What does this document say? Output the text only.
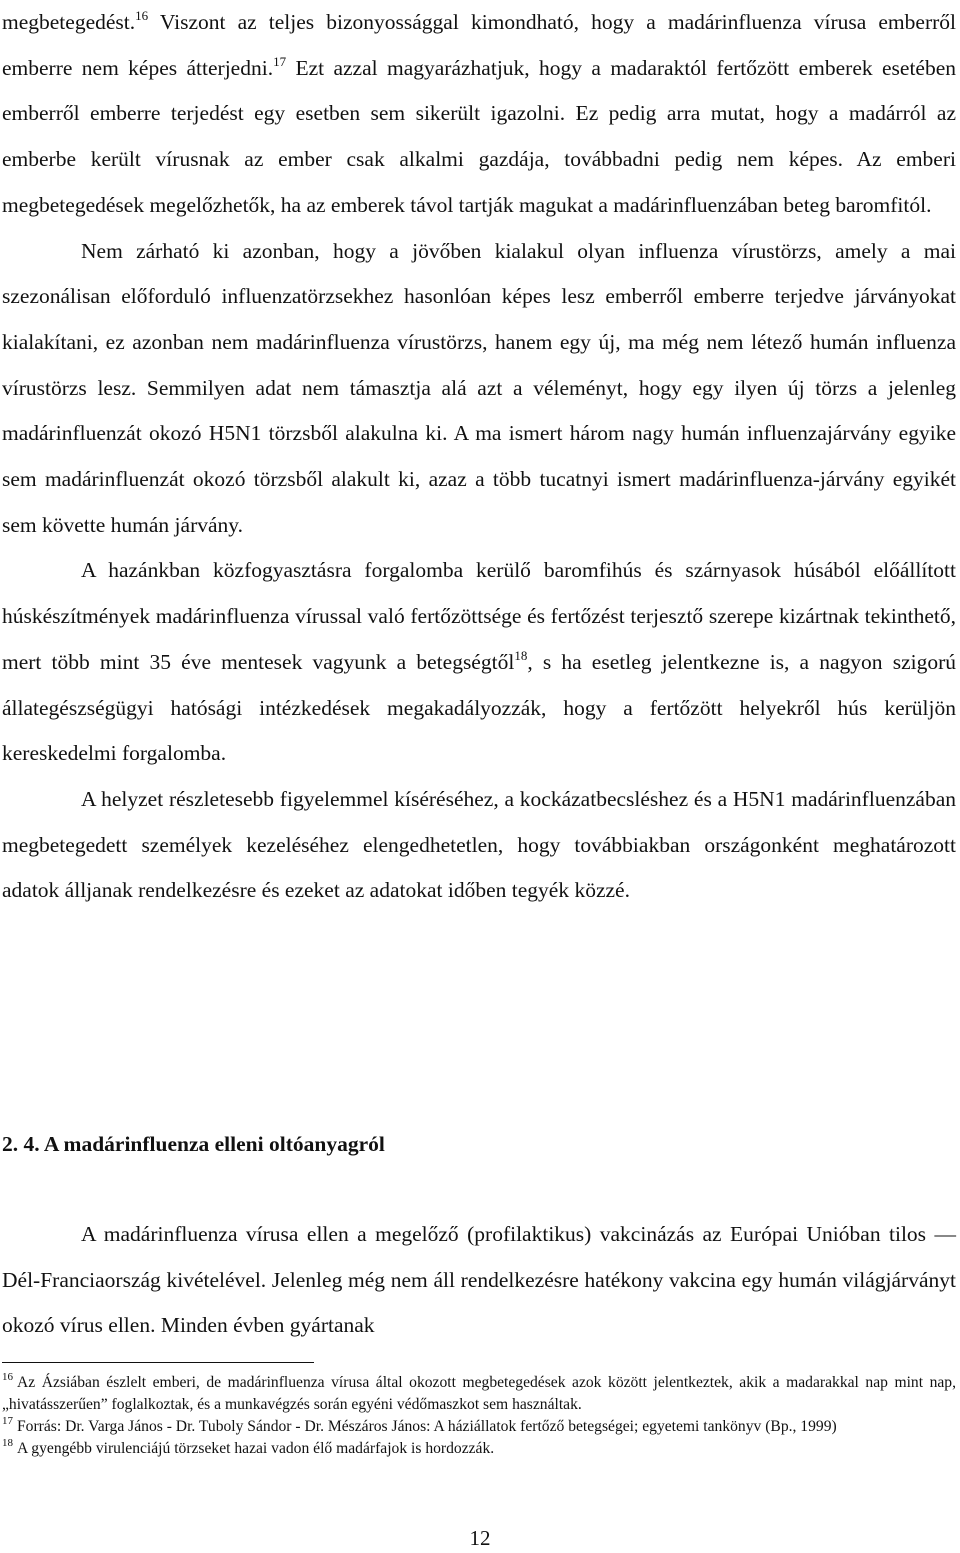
megbetegedést.$^{16}$ Viszont az teljes bizonyossággal kimondható, hogy a madárinfluenza vírusa emberről emberre nem képes átterjedni.$^{17}$ Ezt azzal magyarázhatjuk, hogy a madaraktól fertőzött emberek esetében emberről emberre terjedést egy esetben sem sikerült igazolni. Ez pedig arra mutat, hogy a madárról az emberbe került vírusnak az ember csak alkalmi gazdája, továbbadni pedig nem képes. Az emberi megbetegedések megelőzhetők, ha az emberek távol tartják magukat a madárinfluenzában beteg baromfitól.

Nem zárható ki azonban, hogy a jövőben kialakul olyan influenza vírustörzs, amely a mai szezonálisan előforduló influenzatörzsekhez hasonlóan képes lesz emberről emberre terjedve járványokat kialakítani, ez azonban nem madárinfluenza vírustörzs, hanem egy új, ma még nem létező humán influenza vírustörzs lesz. Semmilyen adat nem támasztja alá azt a véleményt, hogy egy ilyen új törzs a jelenleg madárinfluenzát okozó H5N1 törzsből alakulna ki. A ma ismert három nagy humán influenzajárvány egyike sem madárinfluenzát okozó törzsből alakult ki, azaz a több tucatnyi ismert madárinfluenza-járvány egyikét sem követte humán járvány.

A hazánkban közfogyasztásra forgalomba kerülő baromfihús és szárnyasok húsából előállított húskészítmények madárinfluenza vírussal való fertőzöttsége és fertőzést terjesztő szerepe kizártnak tekinthető, mert több mint 35 éve mentesek vagyunk a betegségtől$^{18}$, s ha esetleg jelentkezne is, a nagyon szigorú állategészségügyi hatósági intézkedések megakadályozzák, hogy a fertőzött helyekről hús kerüljön kereskedelmi forgalomba.

A helyzet részletesebb figyelemmel kíséréséhez, a kockázatbecsléshez és a H5N1 madárinfluenzában megbetegedett személyek kezeléséhez elengedhetetlen, hogy továbbiakban országonként meghatározott adatok álljanak rendelkezésre és ezeket az adatokat időben tegyék közzé.

2. 4. A madárinfluenza elleni oltóanyagról

A madárinfluenza vírusa ellen a megelőző (profilaktikus) vakcinázás az Európai Unióban tilos — Dél-Franciaország kivételével. Jelenleg még nem áll rendelkezésre hatékony vakcina egy humán világjárványt okozó vírus ellen. Minden évben gyártanak

$^{16}$ Az Ázsiában észlelt emberi, de madárinfluenza vírusa által okozott megbetegedések azok között jelentkeztek, akik a madarakkal nap mint nap, „hivatásszerűen” foglalkoztak, és a munkavégzés során egyéni védőmaszkot sem használtak.

$^{17}$ Forrás: Dr. Varga János - Dr. Tuboly Sándor - Dr. Mészáros János: A háziállatok fertőző betegségei; egyetemi tankönyv (Bp., 1999)

$^{18}$ A gyengébb virulenciájú törzseket hazai vadon élő madárfajok is hordozzák.

12
